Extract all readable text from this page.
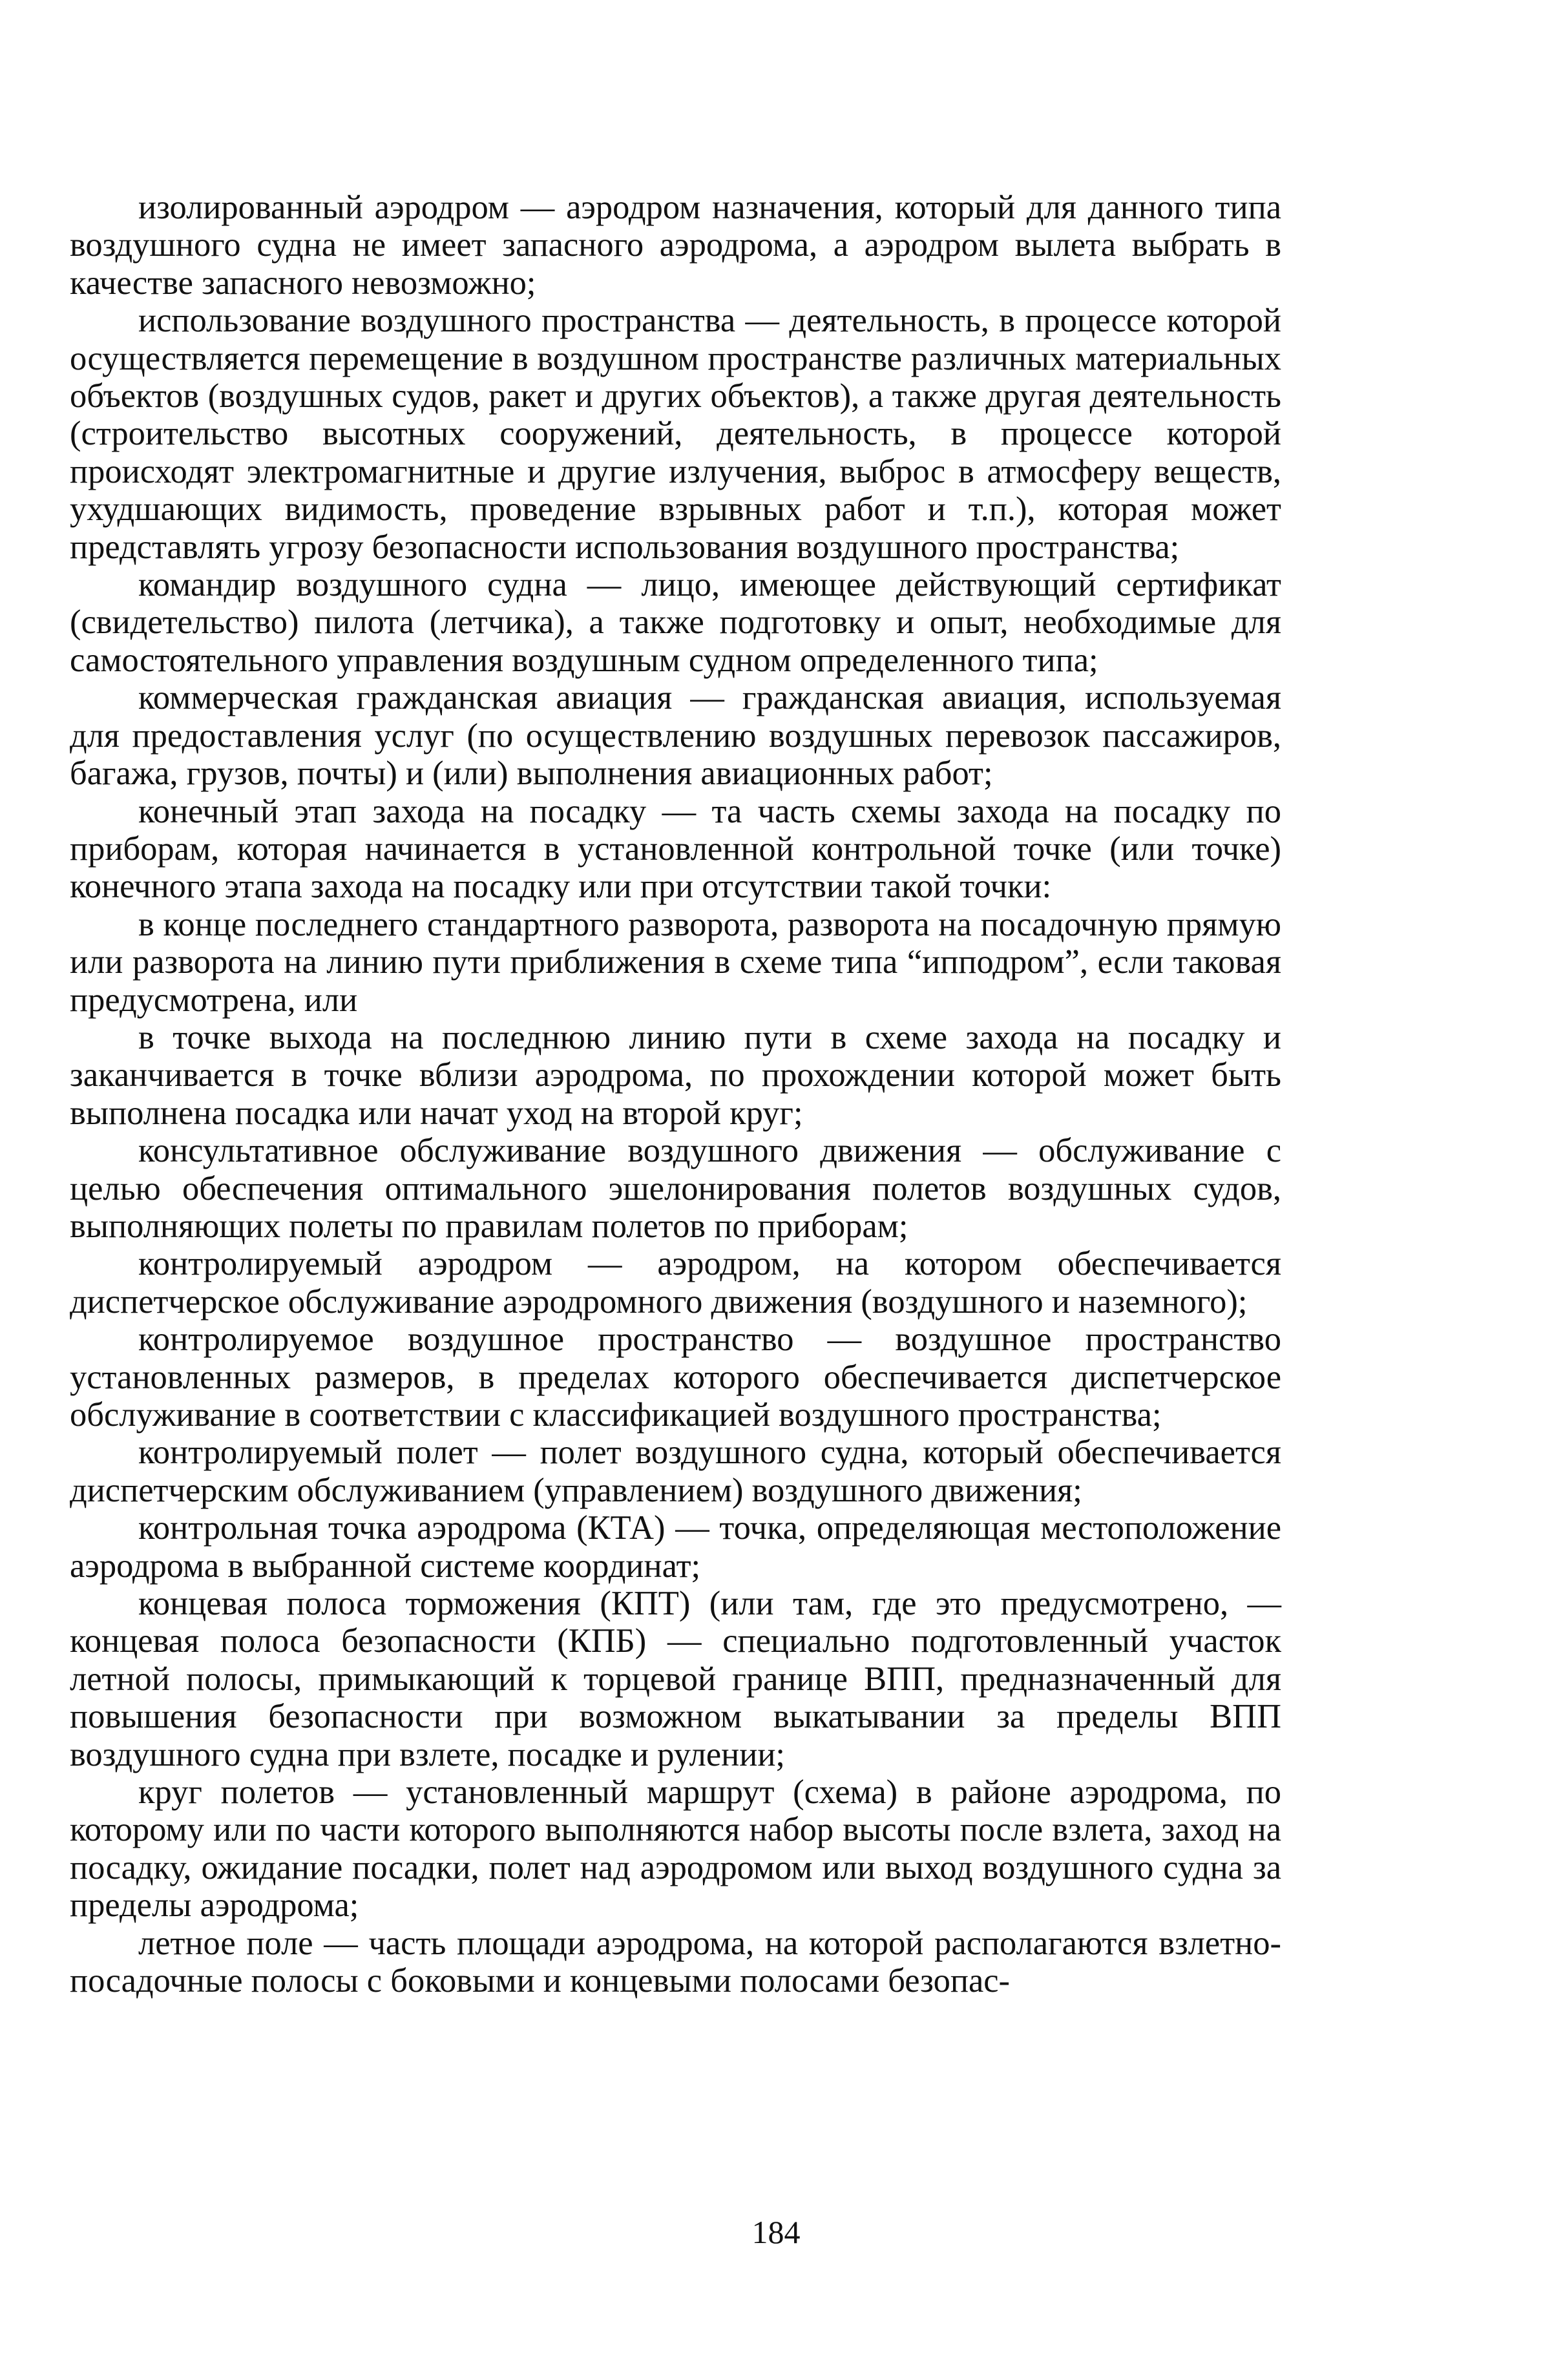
изолированный аэродром — аэродром назначения, который для данного типа воздушного судна не имеет запасного аэродрома, а аэродром вылета выбрать в качестве запасного невозможно;

использование воздушного пространства — деятельность, в процессе которой осуществляется перемещение в воздушном пространстве различных материальных объектов (воздушных судов, ракет и других объектов), а также другая деятельность (строительство высотных сооружений, деятельность, в процессе которой происходят электромагнитные и другие излучения, выброс в атмосферу веществ, ухудшающих видимость, проведение взрывных работ и т.п.), которая может представлять угрозу безопасности использования воздушного пространства;

командир воздушного судна — лицо, имеющее действующий сертификат (свидетельство) пилота (летчика), а также подготовку и опыт, необходимые для самостоятельного управления воздушным судном определенного типа;

коммерческая гражданская авиация — гражданская авиация, используемая для предоставления услуг (по осуществлению воздушных перевозок пассажиров, багажа, грузов, почты) и (или) выполнения авиационных работ;

конечный этап захода на посадку — та часть схемы захода на посадку по приборам, которая начинается в установленной контрольной точке (или точке) конечного этапа захода на посадку или при отсутствии такой точки:

в конце последнего стандартного разворота, разворота на посадочную прямую или разворота на линию пути приближения в схеме типа “ипподром”, если таковая предусмотрена, или

в точке выхода на последнюю линию пути в схеме захода на посадку и заканчивается в точке вблизи аэродрома, по прохождении которой может быть выполнена посадка или начат уход на второй круг;

консультативное обслуживание воздушного движения — обслуживание с целью обеспечения оптимального эшелонирования полетов воздушных судов, выполняющих полеты по правилам полетов по приборам;

контролируемый аэродром — аэродром, на котором обеспечивается диспетчерское обслуживание аэродромного движения (воздушного и наземного);

контролируемое воздушное пространство — воздушное пространство установленных размеров, в пределах которого обеспечивается диспетчерское обслуживание в соответствии с классификацией воздушного пространства;

контролируемый полет — полет воздушного судна, который обеспечивается диспетчерским обслуживанием (управлением) воздушного движения;

контрольная точка аэродрома (КТА) — точка, определяющая местоположение аэродрома в выбранной системе координат;

концевая полоса торможения (КПТ) (или там, где это предусмотрено, — концевая полоса безопасности (КПБ) — специально подготовленный участок летной полосы, примыкающий к торцевой границе ВПП, предназначенный для повышения безопасности при возможном выкатывании за пределы ВПП воздушного судна при взлете, посадке и рулении;

круг полетов — установленный маршрут (схема) в районе аэродрома, по которому или по части которого выполняются набор высоты после взлета, заход на посадку, ожидание посадки, полет над аэродромом или выход воздушного судна за пределы аэродрома;

летное поле — часть площади аэродрома, на которой располагаются взлетно-посадочные полосы с боковыми и концевыми полосами безопас-

184
